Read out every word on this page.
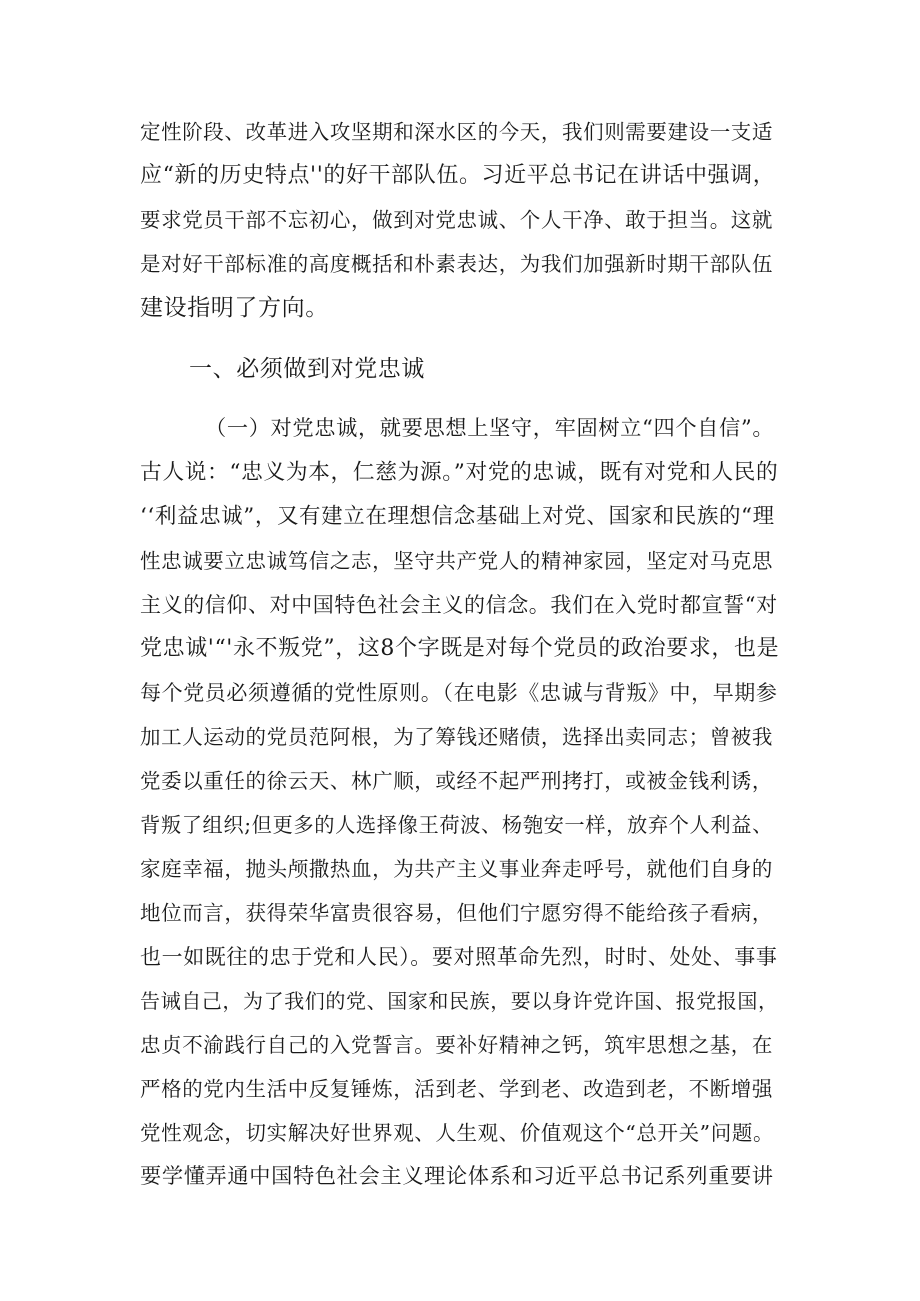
定性阶段、改革进入攻坚期和深水区的今天，我们则需要建设一支适
应“新的历史特点''的好干部队伍。习近平总书记在讲话中强调，
要求党员干部不忘初心，做到对党忠诚、个人干净、敢于担当。这就
是对好干部标准的高度概括和朴素表达，为我们加强新时期干部队伍
建设指明了方向。
一、必须做到对党忠诚
（一）对党忠诚，就要思想上坚守，牢固树立“四个自信”。
古人说：“忠义为本，仁慈为源。”对党的忠诚，既有对党和人民的
‘‘利益忠诚”，又有建立在理想信念基础上对党、国家和民族的“理
性忠诚要立忠诚笃信之志，坚守共产党人的精神家园，坚定对马克思
主义的信仰、对中国特色社会主义的信念。我们在入党时都宣誓“对
党忠诚'“'永不叛党”，这8个字既是对每个党员的政治要求，也是
每个党员必须遵循的党性原则。（在电影《忠诚与背叛》中，早期参
加工人运动的党员范阿根，为了筹钱还赌债，选择出卖同志；曾被我
党委以重任的徐云天、林广顺，或经不起严刑拷打，或被金钱利诱，
背叛了组织;但更多的人选择像王荷波、杨匏安一样，放弃个人利益、
家庭幸福，抛头颅撒热血，为共产主义事业奔走呼号，就他们自身的
地位而言，获得荣华富贵很容易，但他们宁愿穷得不能给孩子看病，
也一如既往的忠于党和人民）。要对照革命先烈，时时、处处、事事
告诫自己，为了我们的党、国家和民族，要以身许党许国、报党报国，
忠贞不渝践行自己的入党誓言。要补好精神之钙，筑牢思想之基，在
严格的党内生活中反复锤炼，活到老、学到老、改造到老，不断增强
党性观念，切实解决好世界观、人生观、价值观这个“总开关”问题。
要学懂弄通中国特色社会主义理论体系和习近平总书记系列重要讲
